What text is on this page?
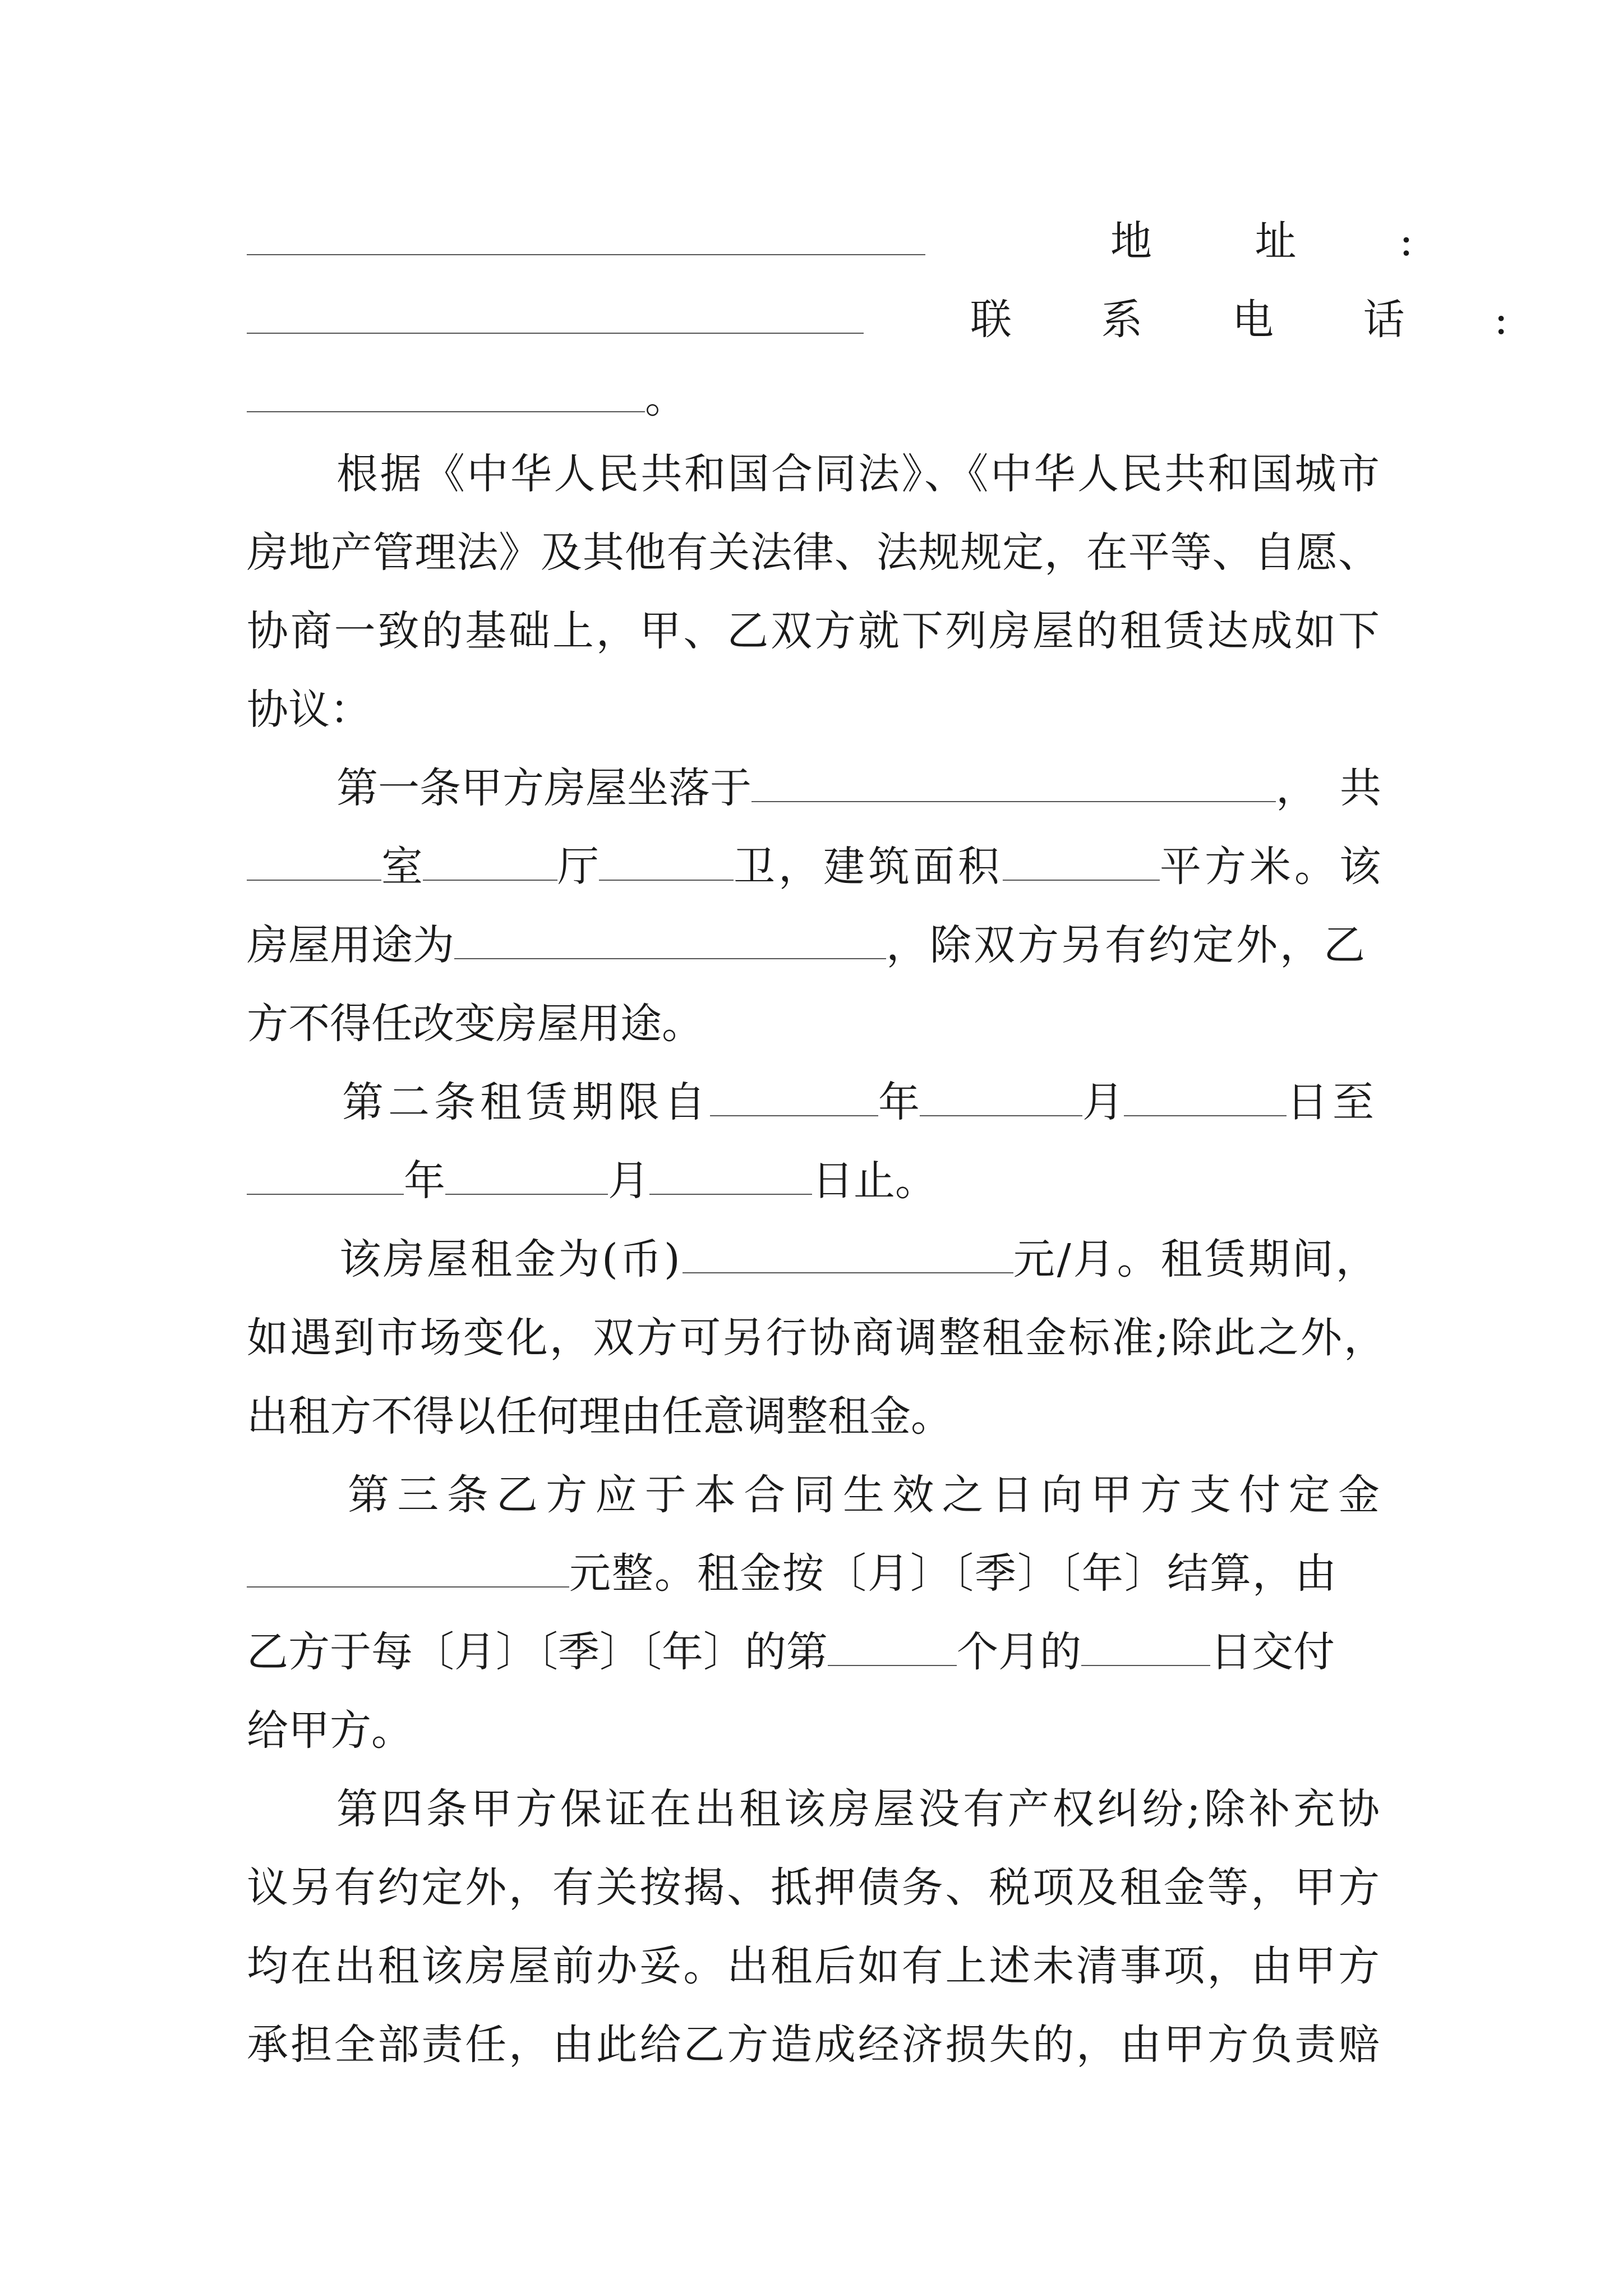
地 址 :
联 系 电 话 :
。
根据《中华人民共和国合同法》、《中华人民共和国城市
房地产管理法》及其他有关法律、法规规定，在平等、自愿、
协商一致的基础上，甲、乙双方就下列房屋的租赁达成如下
协议：
第一条甲方房屋坐落于	，共
室	厅	卫，建筑面积	平方米。该
房屋用途为	，除双方另有约定外，乙
方不得任改变房屋用途。
第二条租赁期限自	年	月	日至
年	月	日止。
该房屋租金为(币)	元/月。租赁期间，
如遇到市场变化，双方可另行协商调整租金标准;除此之外，
出租方不得以任何理由任意调整租金。
第三条乙方应于本合同生效之日向甲方支付定金
元整。租金按〔月〕〔季〕〔年〕结算，由
乙方于每〔月〕〔季〕〔年〕的第	个月的	日交付
给甲方。
第四条甲方保证在出租该房屋没有产权纠纷;除补充协
议另有约定外，有关按揭、抵押债务、税项及租金等，甲方
均在出租该房屋前办妥。出租后如有上述未清事项，由甲方
承担全部责任，由此给乙方造成经济损失的，由甲方负责赔
